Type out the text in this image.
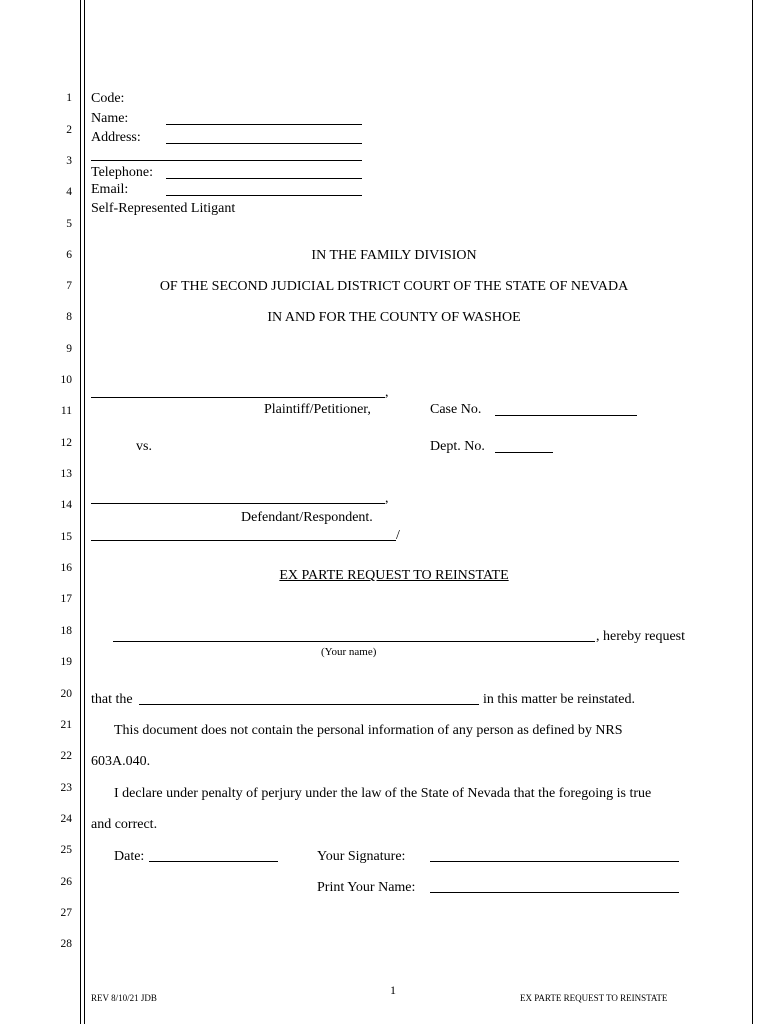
1
2
3
4
5
6
7
8
9
10
11
12
13
14
15
16
17
18
19
20
21
22
23
24
25
26
27
28
Code:
Name:
Address:
Telephone:
Email:
Self-Represented Litigant
IN THE FAMILY DIVISION
OF THE SECOND JUDICIAL DISTRICT COURT OF THE STATE OF NEVADA
IN AND FOR THE COUNTY OF WASHOE
,
Plaintiff/Petitioner,	Case No.
vs.	Dept. No.
,
Defendant/Respondent.
/
EX PARTE REQUEST TO REINSTATE
, hereby request
(Your name)
that the	in this matter be reinstated.
This document does not contain the personal information of any person as defined by NRS
603A.040.
I declare under penalty of perjury under the law of the State of Nevada that the foregoing is true
and correct.
Date:	Your Signature:
Print Your Name:
1
REV 8/10/21 JDB	EX PARTE REQUEST TO REINSTATE
